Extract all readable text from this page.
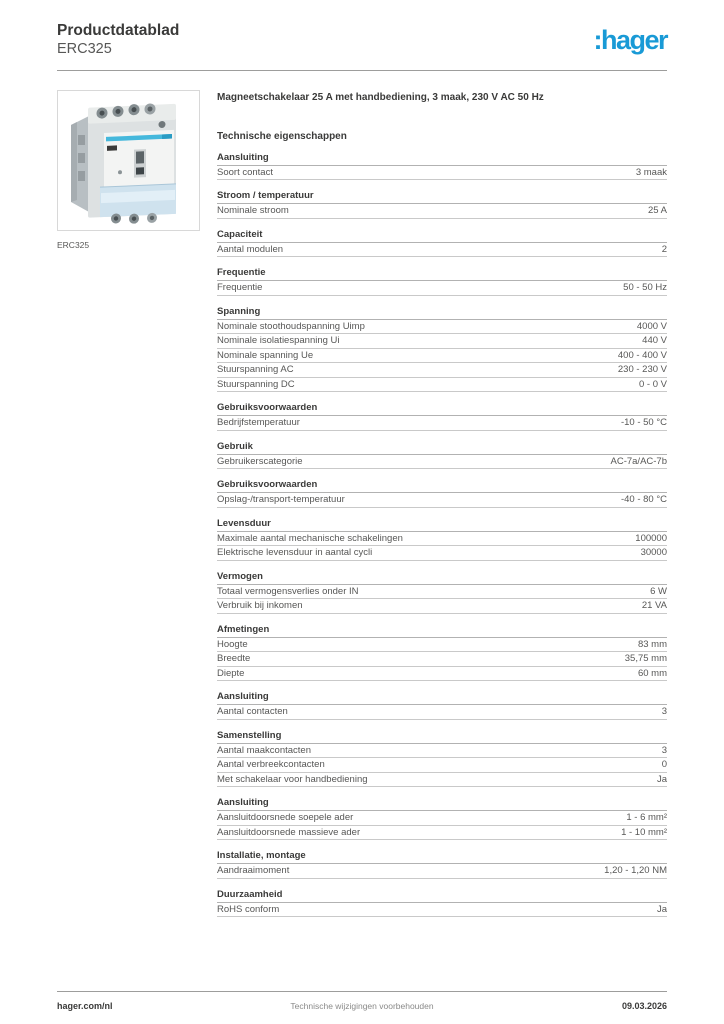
Productdatablad
ERC325	:hager
ERC325
Magneetschakelaar 25 A met handbediening, 3 maak, 230 V AC 50 Hz
Technische eigenschappen
Aansluiting
Soort contact	3 maak
Stroom / temperatuur
Nominale stroom	25 A
Capaciteit
Aantal modulen	2
Frequentie
Frequentie	50 - 50 Hz
Spanning
Nominale stoothoudspanning Uimp	4000 V
Nominale isolatiespanning Ui	440 V
Nominale spanning Ue	400 - 400 V
Stuurspanning AC	230 - 230 V
Stuurspanning DC	0 - 0 V
Gebruiksvoorwaarden
Bedrijfstemperatuur	-10 - 50 °C
Gebruik
Gebruikerscategorie	AC-7a/AC-7b
Gebruiksvoorwaarden
Opslag-/transport-temperatuur	-40 - 80 °C
Levensduur
Maximale aantal mechanische schakelingen	100000
Elektrische levensduur in aantal cycli	30000
Vermogen
Totaal vermogensverlies onder IN	6 W
Verbruik bij inkomen	21 VA
Afmetingen
Hoogte	83 mm
Breedte	35,75 mm
Diepte	60 mm
Aansluiting
Aantal contacten	3
Samenstelling
Aantal maakcontacten	3
Aantal verbreekcontacten	0
Met schakelaar voor handbediening	Ja
Aansluiting
Aansluitdoorsnede soepele ader	1 - 6 mm²
Aansluitdoorsnede massieve ader	1 - 10 mm²
Installatie, montage
Aandraaimoment	1,20 - 1,20 NM
Duurzaamheid
RoHS conform	Ja
hager.com/nl	Technische wijzigingen voorbehouden	09.03.2026
